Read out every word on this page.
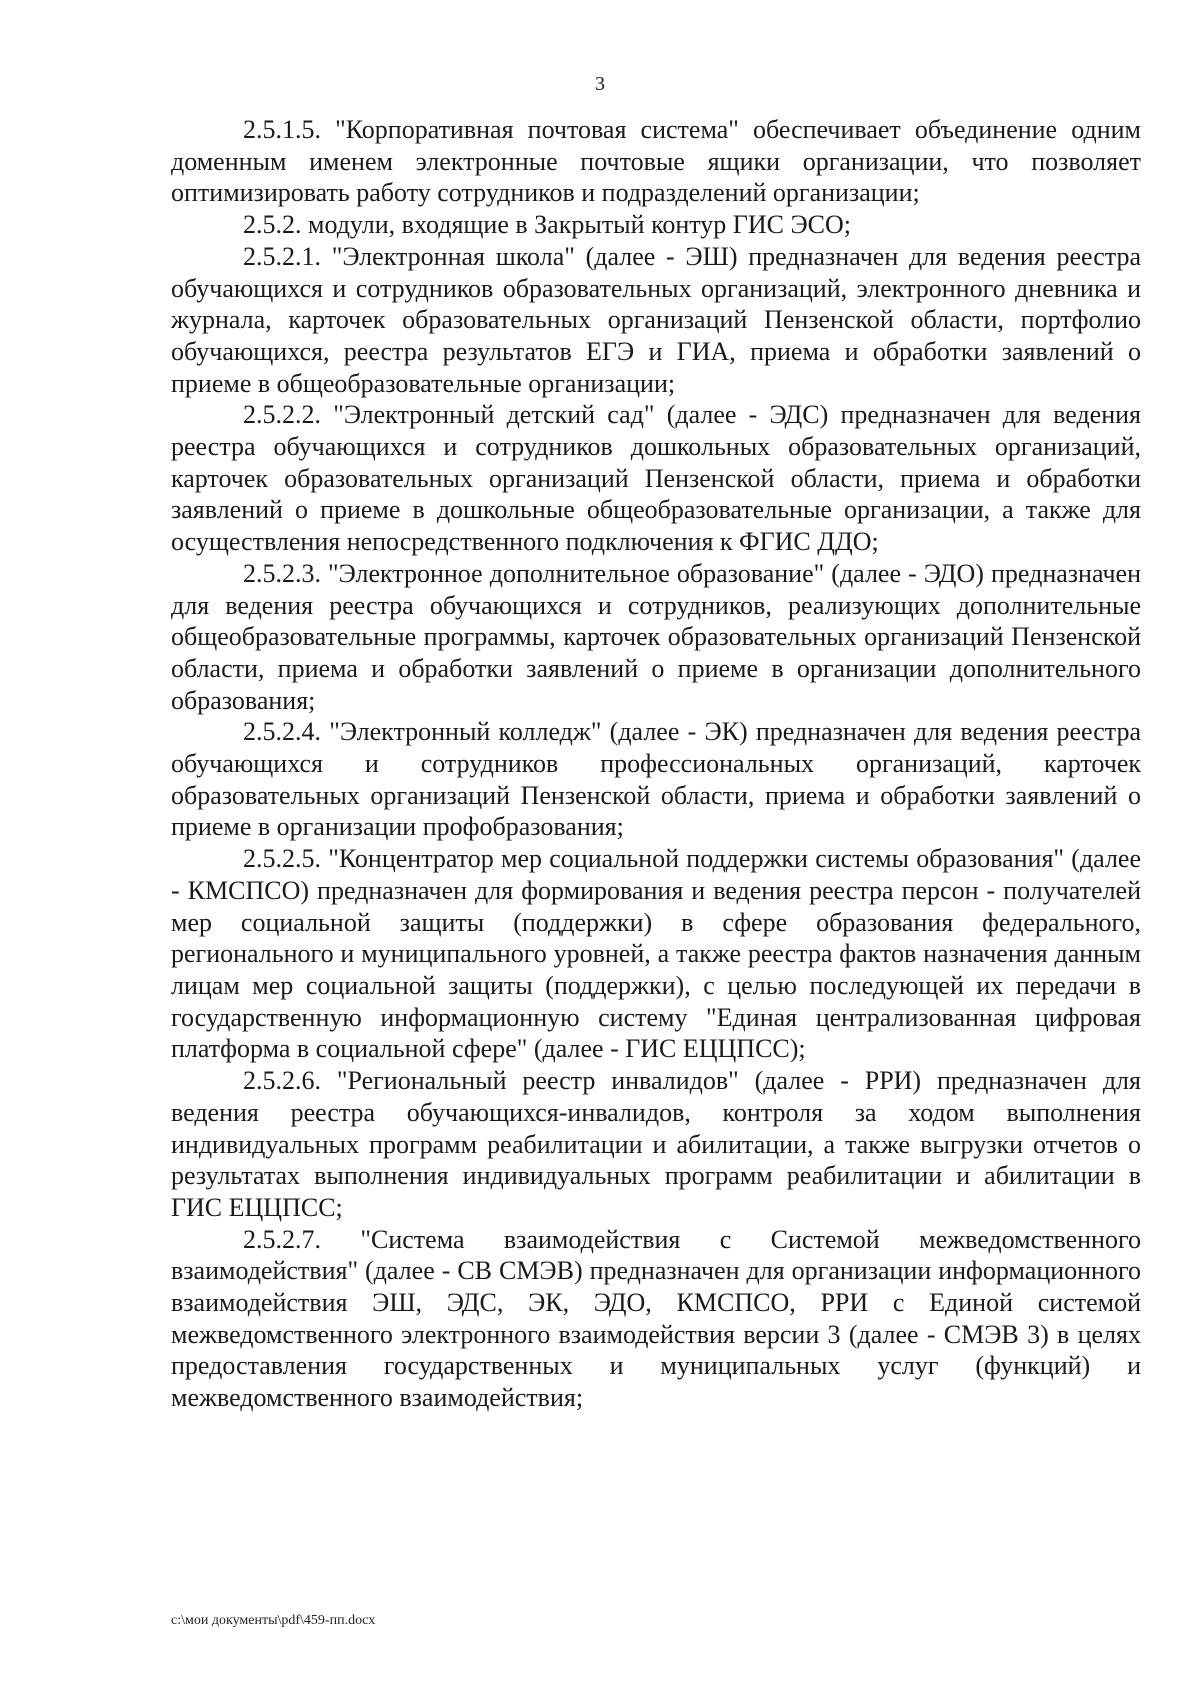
3

2.5.1.5. "Корпоративная почтовая система" обеспечивает объединение одним доменным именем электронные почтовые ящики организации, что позволяет оптимизировать работу сотрудников и подразделений организации;

2.5.2. модули, входящие в Закрытый контур ГИС ЭСО;

2.5.2.1. "Электронная школа" (далее - ЭШ) предназначен для ведения реестра обучающихся и сотрудников образовательных организаций, электронного дневника и журнала, карточек образовательных организаций Пензенской области, портфолио обучающихся, реестра результатов ЕГЭ и ГИА, приема и обработки заявлений о приеме в общеобразовательные организации;

2.5.2.2. "Электронный детский сад" (далее - ЭДС) предназначен для ведения реестра обучающихся и сотрудников дошкольных образовательных организаций, карточек образовательных организаций Пензенской области, приема и обработки заявлений о приеме в дошкольные общеобразовательные организации, а также для осуществления непосредственного подключения к ФГИС ДДО;

2.5.2.3. "Электронное дополнительное образование" (далее - ЭДО) предназначен для ведения реестра обучающихся и сотрудников, реализующих дополнительные общеобразовательные программы, карточек образовательных организаций Пензенской области, приема и обработки заявлений о приеме в организации дополнительного образования;

2.5.2.4. "Электронный колледж" (далее - ЭК) предназначен для ведения реестра обучающихся и сотрудников профессиональных организаций, карточек образовательных организаций Пензенской области, приема и обработки заявлений о приеме в организации профобразования;

2.5.2.5. "Концентратор мер социальной поддержки системы образования" (далее - КМСПСО) предназначен для формирования и ведения реестра персон - получателей мер социальной защиты (поддержки) в сфере образования федерального, регионального и муниципального уровней, а также реестра фактов назначения данным лицам мер социальной защиты (поддержки), с целью последующей их передачи в государственную информационную систему "Единая централизованная цифровая платформа в социальной сфере" (далее - ГИС ЕЦЦПСС);

2.5.2.6. "Региональный реестр инвалидов" (далее - РРИ) предназначен для ведения реестра обучающихся-инвалидов, контроля за ходом выполнения индивидуальных программ реабилитации и абилитации, а также выгрузки отчетов о результатах выполнения индивидуальных программ реабилитации и абилитации в ГИС ЕЦЦПСС;

2.5.2.7. "Система взаимодействия с Системой межведомственного взаимодействия" (далее - СВ СМЭВ) предназначен для организации информационного взаимодействия ЭШ, ЭДС, ЭК, ЭДО, КМСПСО, РРИ с Единой системой межведомственного электронного взаимодействия версии 3 (далее - СМЭВ 3) в целях предоставления государственных и муниципальных услуг (функций) и межведомственного взаимодействия;

c:\мои документы\pdf\459-пп.docx
